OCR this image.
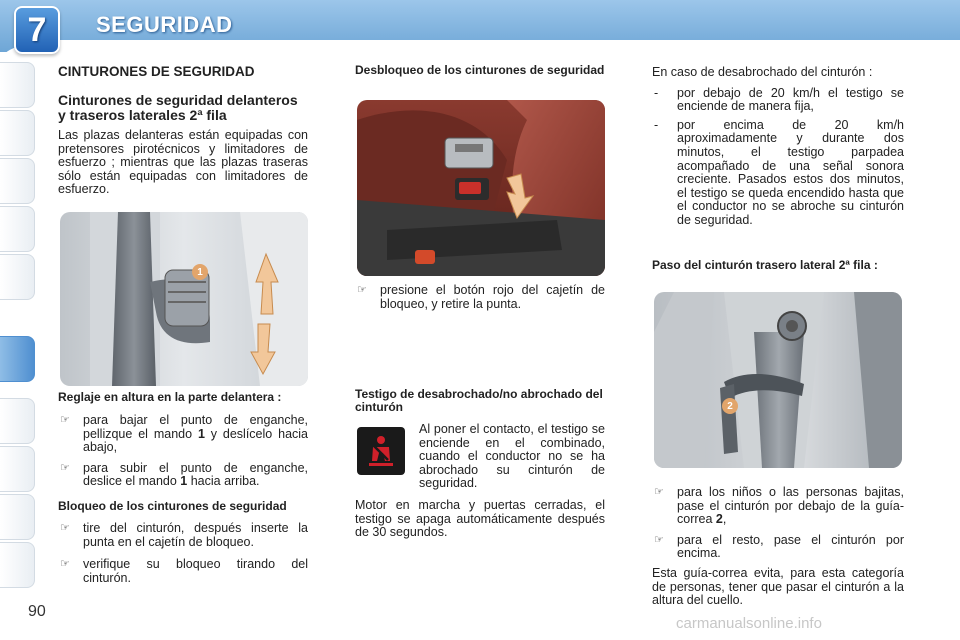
7 SEGURIDAD
CINTURONES DE SEGURIDAD
Cinturones de seguridad delanteros y traseros laterales 2ª fila

Las plazas delanteras están equipadas con pretensores pirotécnicos y limitadores de esfuerzo ; mientras que las plazas traseras sólo están equipadas con limitadores de esfuerzo.

1
Reglaje en altura en la parte delantera :
☞ para bajar el punto de enganche, pellizque el mando 1 y deslícelo hacia abajo,
☞ para subir el punto de enganche, deslice el mando 1 hacia arriba.
Bloqueo de los cinturones de seguridad
☞ tire del cinturón, después inserte la punta en el cajetín de bloqueo.
☞ verifique su bloqueo tirando del cinturón.
Desbloqueo de los cinturones de seguridad
☞ presione el botón rojo del cajetín de bloqueo, y retire la punta.
Testigo de desabrochado/no abrochado del cinturón

Al poner el contacto, el testigo se enciende en el combinado, cuando el conductor no se ha abrochado su cinturón de seguridad.

Motor en marcha y puertas cerradas, el testigo se apaga automáticamente después de 30 segundos.

En caso de desabrochado del cinturón :

- por debajo de 20 km/h el testigo se enciende de manera fija,
- por encima de 20 km/h aproximadamente y durante dos minutos, el testigo parpadea acompañado de una señal sonora creciente. Pasados estos dos minutos, el testigo se queda encendido hasta que el conductor no se abroche su cinturón de seguridad.
Paso del cinturón trasero lateral 2ª fila :
2
☞ para los niños o las personas bajitas, pase el cinturón por debajo de la guía-correa 2,
☞ para el resto, pase el cinturón por encima.

Esta guía-correa evita, para esta categoría de personas, tener que pasar el cinturón a la altura del cuello.

90
carmanualsonline.info
